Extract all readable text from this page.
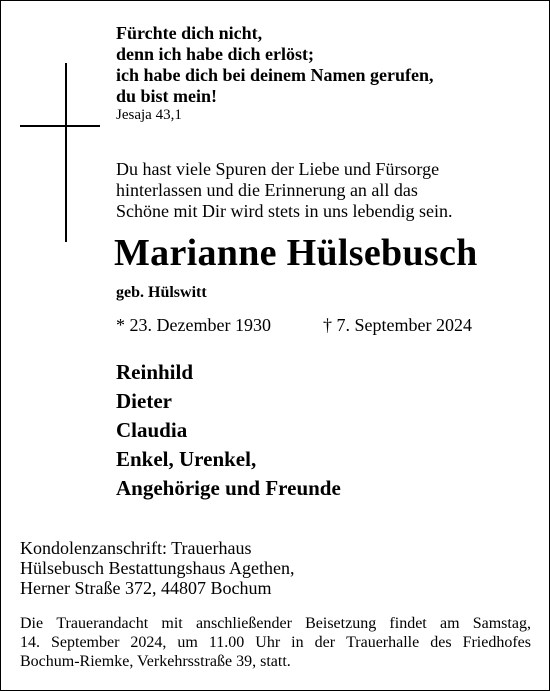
Fürchte dich nicht,
denn ich habe dich erlöst;
ich habe dich bei deinem Namen gerufen,
du bist mein!
Jesaja 43,1
Du hast viele Spuren der Liebe und Fürsorge
hinterlassen und die Erinnerung an all das
Schöne mit Dir wird stets in uns lebendig sein.
Marianne Hülsebusch
geb. Hülswitt
* 23. Dezember 1930	† 7. September 2024
Reinhild
Dieter
Claudia
Enkel, Urenkel,
Angehörige und Freunde
Kondolenzanschrift: Trauerhaus
Hülsebusch Bestattungshaus Agethen,
Herner Straße 372, 44807 Bochum
Die Trauerandacht mit anschließender Beisetzung findet am Samstag,
14. September 2024, um 11.00 Uhr in der Trauerhalle des Friedhofes
Bochum-Riemke, Verkehrsstraße 39, statt.
